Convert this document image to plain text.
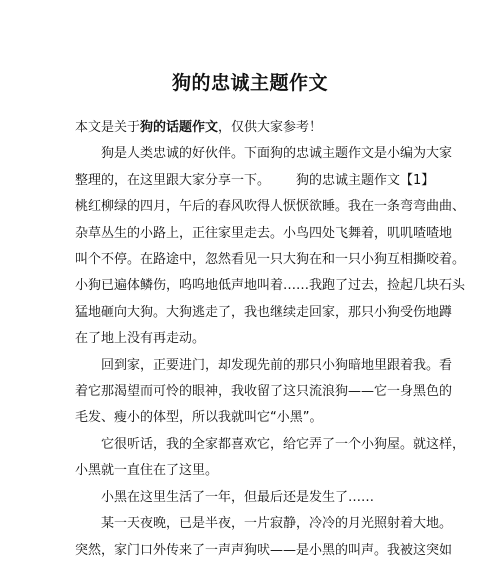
狗的忠诚主题作文
本文是关于狗的话题作文，仅供大家参考！
狗是人类忠诚的好伙伴。下面狗的忠诚主题作文是小编为大家
整理的，在这里跟大家分享一下。 狗的忠诚主题作文【1】
桃红柳绿的四月，午后的春风吹得人恹恹欲睡。我在一条弯弯曲曲、
杂草丛生的小路上，正往家里走去。小鸟四处飞舞着，叽叽喳喳地
叫个不停。在路途中，忽然看见一只大狗在和一只小狗互相撕咬着。
小狗已遍体鳞伤，呜呜地低声地叫着……我跑了过去，捡起几块石头
猛地砸向大狗。大狗逃走了，我也继续走回家，那只小狗受伤地蹲
在了地上没有再走动。
回到家，正要进门，却发现先前的那只小狗暗地里跟着我。看
着它那渴望而可怜的眼神，我收留了这只流浪狗——它一身黑色的
毛发、瘦小的体型，所以我就叫它“小黑”。
它很听话，我的全家都喜欢它，给它弄了一个小狗屋。就这样，
小黑就一直住在了这里。
小黑在这里生活了一年，但最后还是发生了……
某一天夜晚，已是半夜，一片寂静，冷冷的月光照射着大地。
突然，家门口外传来了一声声狗吠——是小黑的叫声。我被这突如
